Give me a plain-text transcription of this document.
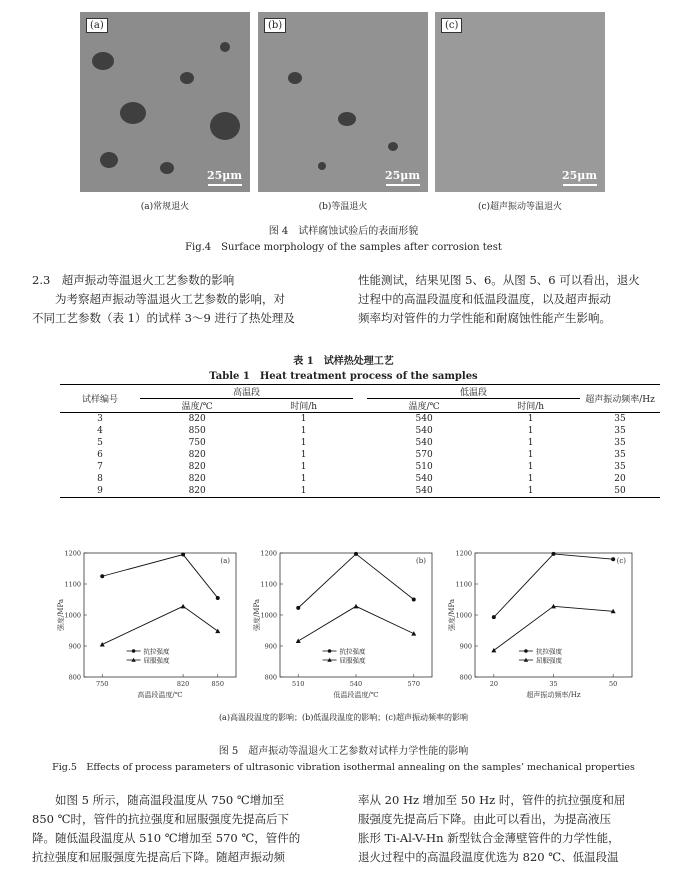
(a)
25μm
(b)
25μm
(c)
25μm
(a)常规退火	(b)等温退火	(c)超声振动等温退火
图 4　试样腐蚀试验后的表面形貌
Fig.4　Surface morphology of the samples after corrosion test

2.3　超声振动等温退火工艺参数的影响

为考察超声振动等温退火工艺参数的影响，对

不同工艺参数（表 1）的试样 3～9 进行了热处理及

性能测试，结果见图 5、6。从图 5、6 可以看出，退火

过程中的高温段温度和低温段温度，以及超声振动

频率均对管件的力学性能和耐腐蚀性能产生影响。

表 1　试样热处理工艺
Table 1　Heat treatment process of the samples
试样编号	高温段			低温段		超声振动频率/Hz
	温度/℃	时间/h		温度/℃	时间/h	
3	820	1		540	1	35
4	850	1		540	1	35
5	750	1		540	1	35
6	820	1		570	1	35
7	820	1		510	1	35
8	820	1		540	1	20
9	820	1		540	1	50
800
900
1000
1100
1200
750	820	850
高温段温度/℃
强度/MPa
(a)
抗拉强度
屈服强度
800
900
1000
1100
1200
510	540	570
低温段温度/℃
强度/MPa
(b)
抗拉强度
屈服强度
800
900
1000
1100
1200
20	35	50
超声振动频率/Hz
强度/MPa
(c)
抗拉强度
屈服强度
(a)高温段温度的影响；(b)低温段温度的影响；(c)超声振动频率的影响
图 5　超声振动等温退火工艺参数对试样力学性能的影响
Fig.5　Effects of process parameters of ultrasonic vibration isothermal annealing on the samples’ mechanical properties

如图 5 所示，随高温段温度从 750 ℃增加至

850 ℃时，管件的抗拉强度和屈服强度先提高后下

降。随低温段温度从 510 ℃增加至 570 ℃，管件的

抗拉强度和屈服强度先提高后下降。随超声振动频

率从 20 Hz 增加至 50 Hz 时，管件的抗拉强度和屈

服强度先提高后下降。由此可以看出，为提高液压

胀形 Ti-Al-V-Hn 新型钛合金薄壁管件的力学性能，

退火过程中的高温段温度优选为 820 ℃、低温段温
